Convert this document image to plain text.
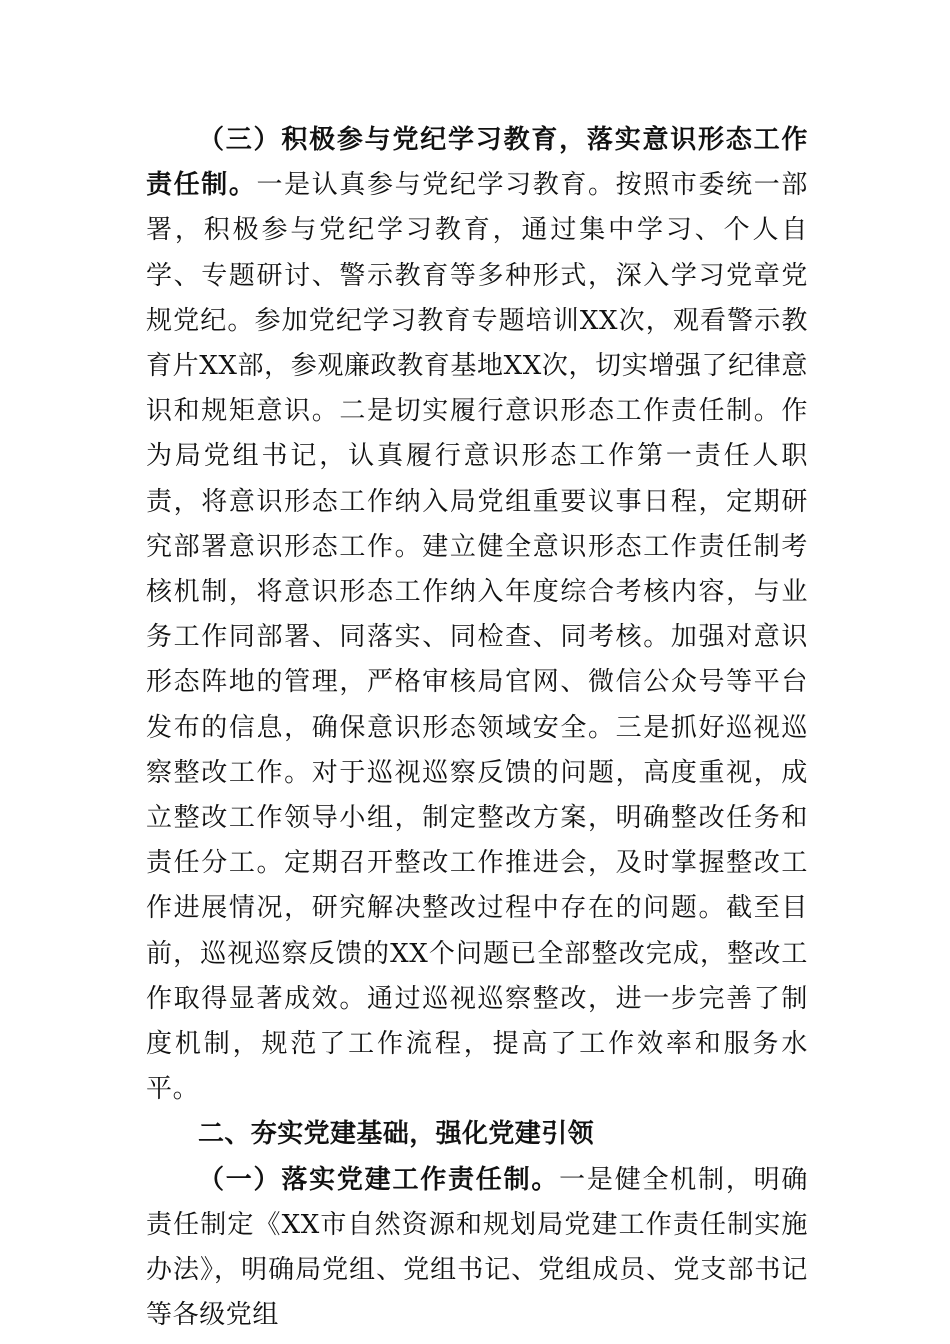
（三）积极参与党纪学习教育，落实意识形态工作责任制。一是认真参与党纪学习教育。按照市委统一部署，积极参与党纪学习教育，通过集中学习、个人自学、专题研讨、警示教育等多种形式，深入学习党章党规党纪。参加党纪学习教育专题培训XX次，观看警示教育片XX部，参观廉政教育基地XX次，切实增强了纪律意识和规矩意识。二是切实履行意识形态工作责任制。作为局党组书记，认真履行意识形态工作第一责任人职责，将意识形态工作纳入局党组重要议事日程，定期研究部署意识形态工作。建立健全意识形态工作责任制考核机制，将意识形态工作纳入年度综合考核内容，与业务工作同部署、同落实、同检查、同考核。加强对意识形态阵地的管理，严格审核局官网、微信公众号等平台发布的信息，确保意识形态领域安全。三是抓好巡视巡察整改工作。对于巡视巡察反馈的问题，高度重视，成立整改工作领导小组，制定整改方案，明确整改任务和责任分工。定期召开整改工作推进会，及时掌握整改工作进展情况，研究解决整改过程中存在的问题。截至目前，巡视巡察反馈的XX个问题已全部整改完成，整改工作取得显著成效。通过巡视巡察整改，进一步完善了制度机制，规范了工作流程，提高了工作效率和服务水平。

二、夯实党建基础，强化党建引领

（一）落实党建工作责任制。一是健全机制，明确责任制定《XX市自然资源和规划局党建工作责任制实施办法》，明确局党组、党组书记、党组成员、党支部书记等各级党组
